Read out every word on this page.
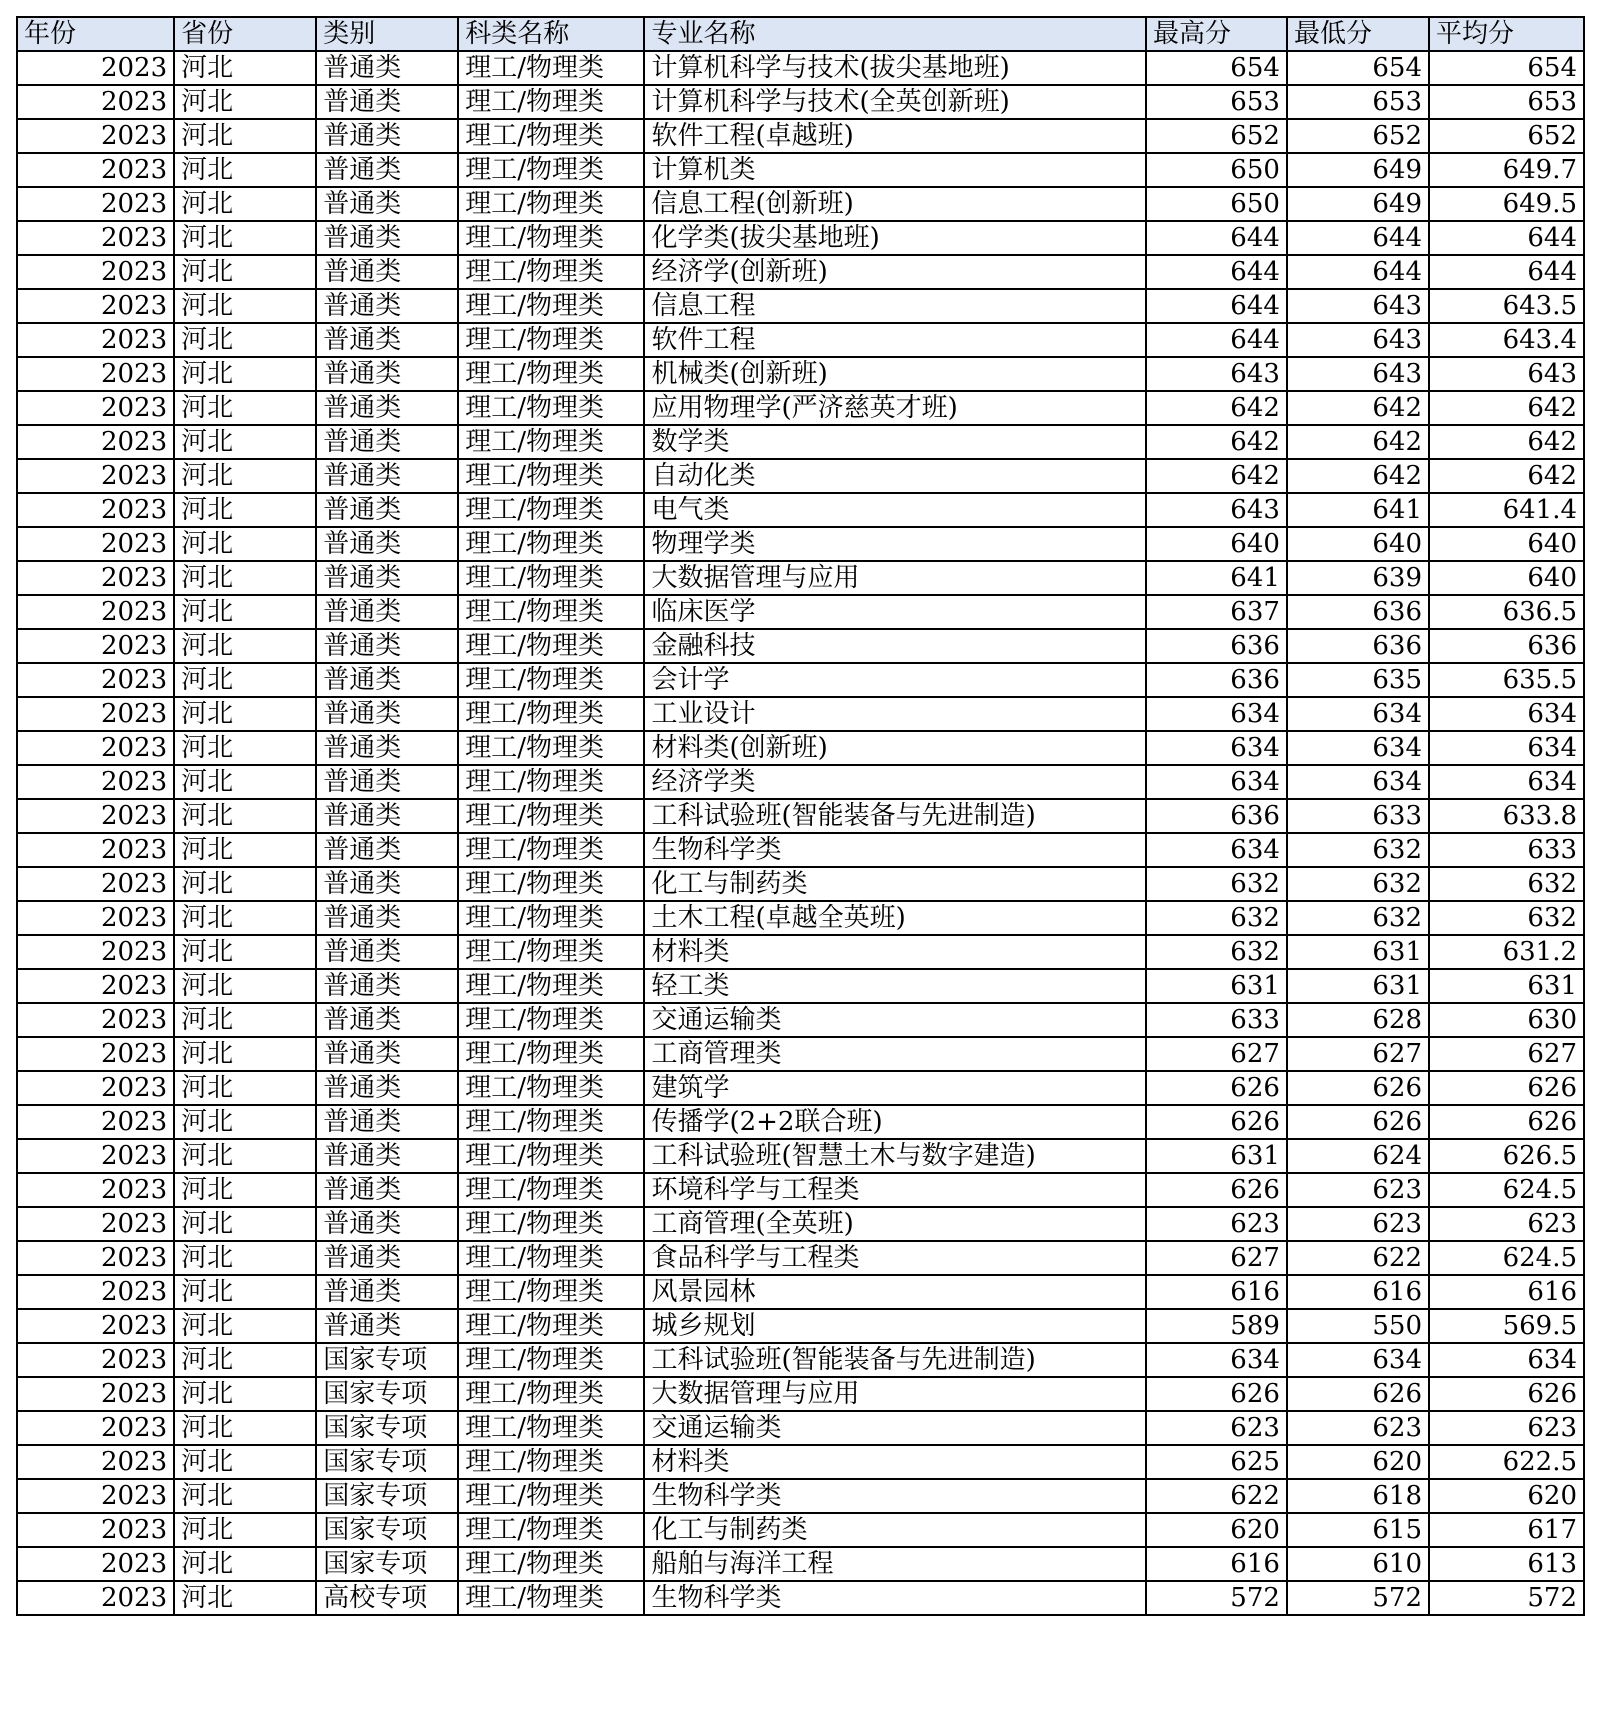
年份	省份	类别	科类名称	专业名称	最高分	最低分	平均分
2023	河北	普通类	理工/物理类	计算机科学与技术(拔尖基地班)	654	654	654
2023	河北	普通类	理工/物理类	计算机科学与技术(全英创新班)	653	653	653
2023	河北	普通类	理工/物理类	软件工程(卓越班)	652	652	652
2023	河北	普通类	理工/物理类	计算机类	650	649	649.7
2023	河北	普通类	理工/物理类	信息工程(创新班)	650	649	649.5
2023	河北	普通类	理工/物理类	化学类(拔尖基地班)	644	644	644
2023	河北	普通类	理工/物理类	经济学(创新班)	644	644	644
2023	河北	普通类	理工/物理类	信息工程	644	643	643.5
2023	河北	普通类	理工/物理类	软件工程	644	643	643.4
2023	河北	普通类	理工/物理类	机械类(创新班)	643	643	643
2023	河北	普通类	理工/物理类	应用物理学(严济慈英才班)	642	642	642
2023	河北	普通类	理工/物理类	数学类	642	642	642
2023	河北	普通类	理工/物理类	自动化类	642	642	642
2023	河北	普通类	理工/物理类	电气类	643	641	641.4
2023	河北	普通类	理工/物理类	物理学类	640	640	640
2023	河北	普通类	理工/物理类	大数据管理与应用	641	639	640
2023	河北	普通类	理工/物理类	临床医学	637	636	636.5
2023	河北	普通类	理工/物理类	金融科技	636	636	636
2023	河北	普通类	理工/物理类	会计学	636	635	635.5
2023	河北	普通类	理工/物理类	工业设计	634	634	634
2023	河北	普通类	理工/物理类	材料类(创新班)	634	634	634
2023	河北	普通类	理工/物理类	经济学类	634	634	634
2023	河北	普通类	理工/物理类	工科试验班(智能装备与先进制造)	636	633	633.8
2023	河北	普通类	理工/物理类	生物科学类	634	632	633
2023	河北	普通类	理工/物理类	化工与制药类	632	632	632
2023	河北	普通类	理工/物理类	土木工程(卓越全英班)	632	632	632
2023	河北	普通类	理工/物理类	材料类	632	631	631.2
2023	河北	普通类	理工/物理类	轻工类	631	631	631
2023	河北	普通类	理工/物理类	交通运输类	633	628	630
2023	河北	普通类	理工/物理类	工商管理类	627	627	627
2023	河北	普通类	理工/物理类	建筑学	626	626	626
2023	河北	普通类	理工/物理类	传播学(2+2联合班)	626	626	626
2023	河北	普通类	理工/物理类	工科试验班(智慧土木与数字建造)	631	624	626.5
2023	河北	普通类	理工/物理类	环境科学与工程类	626	623	624.5
2023	河北	普通类	理工/物理类	工商管理(全英班)	623	623	623
2023	河北	普通类	理工/物理类	食品科学与工程类	627	622	624.5
2023	河北	普通类	理工/物理类	风景园林	616	616	616
2023	河北	普通类	理工/物理类	城乡规划	589	550	569.5
2023	河北	国家专项	理工/物理类	工科试验班(智能装备与先进制造)	634	634	634
2023	河北	国家专项	理工/物理类	大数据管理与应用	626	626	626
2023	河北	国家专项	理工/物理类	交通运输类	623	623	623
2023	河北	国家专项	理工/物理类	材料类	625	620	622.5
2023	河北	国家专项	理工/物理类	生物科学类	622	618	620
2023	河北	国家专项	理工/物理类	化工与制药类	620	615	617
2023	河北	国家专项	理工/物理类	船舶与海洋工程	616	610	613
2023	河北	高校专项	理工/物理类	生物科学类	572	572	572
